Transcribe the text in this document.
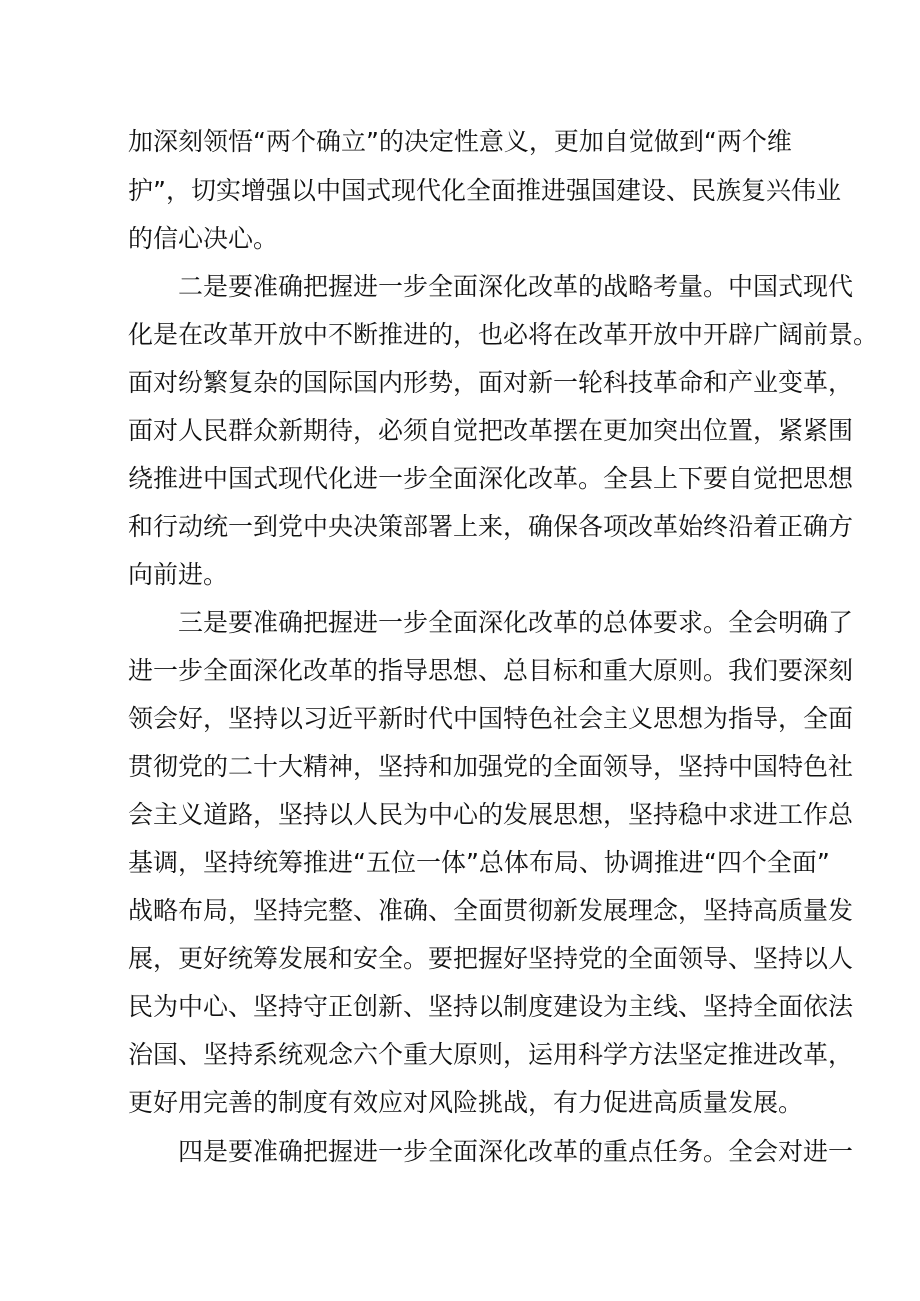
加深刻领悟“两个确立”的决定性意义，更加自觉做到“两个维
护”，切实增强以中国式现代化全面推进强国建设、民族复兴伟业
的信心决心。
二是要准确把握进一步全面深化改革的战略考量。中国式现代
化是在改革开放中不断推进的，也必将在改革开放中开辟广阔前景。
面对纷繁复杂的国际国内形势，面对新一轮科技革命和产业变革，
面对人民群众新期待，必须自觉把改革摆在更加突出位置，紧紧围
绕推进中国式现代化进一步全面深化改革。全县上下要自觉把思想
和行动统一到党中央决策部署上来，确保各项改革始终沿着正确方
向前进。
三是要准确把握进一步全面深化改革的总体要求。全会明确了
进一步全面深化改革的指导思想、总目标和重大原则。我们要深刻
领会好，坚持以习近平新时代中国特色社会主义思想为指导，全面
贯彻党的二十大精神，坚持和加强党的全面领导，坚持中国特色社
会主义道路，坚持以人民为中心的发展思想，坚持稳中求进工作总
基调，坚持统筹推进“五位一体”总体布局、协调推进“四个全面”
战略布局，坚持完整、准确、全面贯彻新发展理念，坚持高质量发
展，更好统筹发展和安全。要把握好坚持党的全面领导、坚持以人
民为中心、坚持守正创新、坚持以制度建设为主线、坚持全面依法
治国、坚持系统观念六个重大原则，运用科学方法坚定推进改革，
更好用完善的制度有效应对风险挑战，有力促进高质量发展。
四是要准确把握进一步全面深化改革的重点任务。全会对进一
